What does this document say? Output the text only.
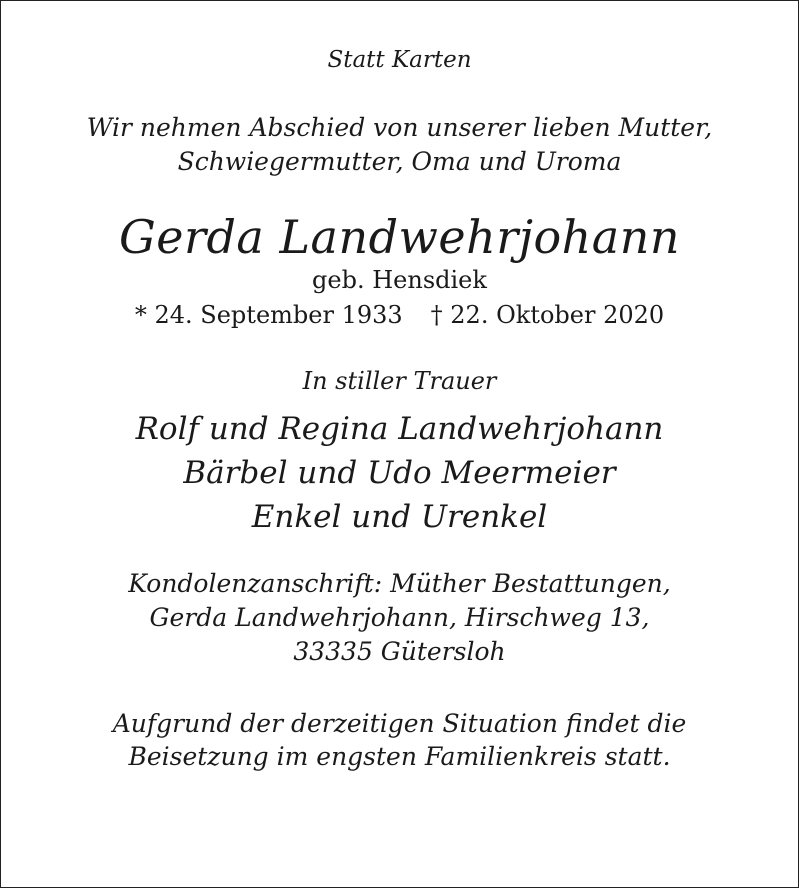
Statt Karten
Wir nehmen Abschied von unserer lieben Mutter,
Schwiegermutter, Oma und Uroma
Gerda Landwehrjohann
geb. Hensdiek
* 24. September 1933 † 22. Oktober 2020
In stiller Trauer
Rolf und Regina Landwehrjohann
Bärbel und Udo Meermeier
Enkel und Urenkel
Kondolenzanschrift: Müther Bestattungen,
Gerda Landwehrjohann, Hirschweg 13,
33335 Gütersloh
Aufgrund der derzeitigen Situation findet die
Beisetzung im engsten Familienkreis statt.
